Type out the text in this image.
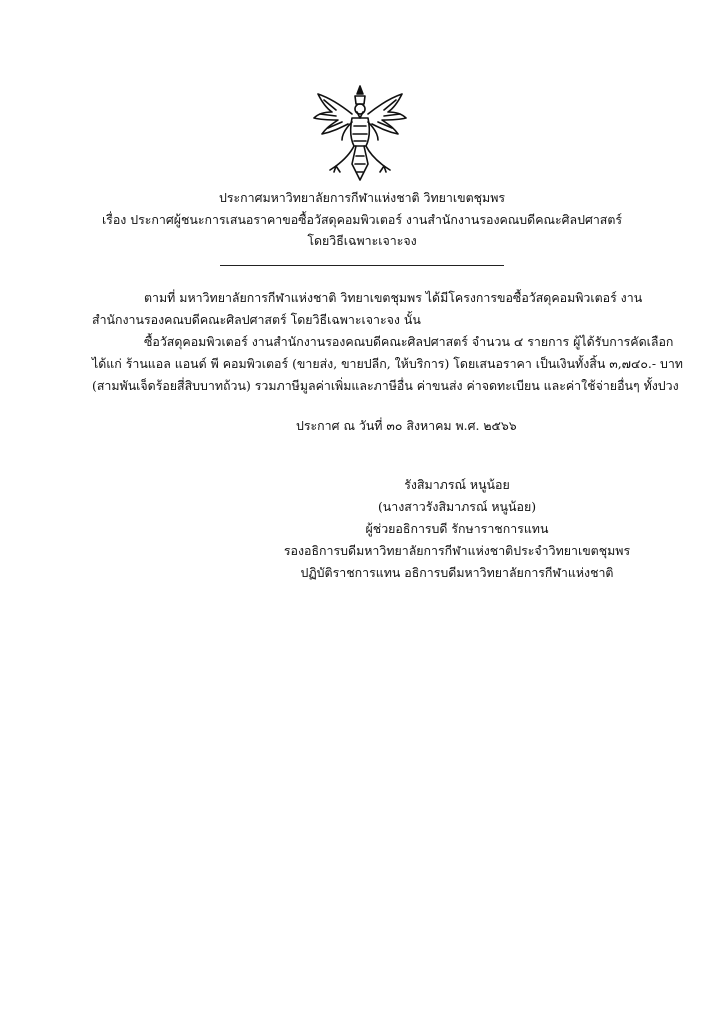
ประกาศมหาวิทยาลัยการกีฬาแห่งชาติ วิทยาเขตชุมพร
เรื่อง ประกาศผู้ชนะการเสนอราคาขอซื้อวัสดุคอมพิวเตอร์ งานสำนักงานรองคณบดีคณะศิลปศาสตร์
โดยวิธีเฉพาะเจาะจง
ตามที่ มหาวิทยาลัยการกีฬาแห่งชาติ วิทยาเขตชุมพร ได้มีโครงการขอซื้อวัสดุคอมพิวเตอร์ งาน
สำนักงานรองคณบดีคณะศิลปศาสตร์ โดยวิธีเฉพาะเจาะจง นั้น
ซื้อวัสดุคอมพิวเตอร์ งานสำนักงานรองคณบดีคณะศิลปศาสตร์ จำนวน ๔ รายการ ผู้ได้รับการคัดเลือก
ได้แก่ ร้านแอล แอนด์ พี คอมพิวเตอร์ (ขายส่ง, ขายปลีก, ให้บริการ) โดยเสนอราคา เป็นเงินทั้งสิ้น ๓,๗๔๐.- บาท
(สามพันเจ็ดร้อยสี่สิบบาทถ้วน) รวมภาษีมูลค่าเพิ่มและภาษีอื่น ค่าขนส่ง ค่าจดทะเบียน และค่าใช้จ่ายอื่นๆ ทั้งปวง
ประกาศ ณ วันที่ ๓๐ สิงหาคม พ.ศ. ๒๕๖๖
รังสิมาภรณ์ หนูน้อย
(นางสาวรังสิมาภรณ์ หนูน้อย)
ผู้ช่วยอธิการบดี รักษาราชการแทน
รองอธิการบดีมหาวิทยาลัยการกีฬาแห่งชาติประจำวิทยาเขตชุมพร
ปฏิบัติราชการแทน อธิการบดีมหาวิทยาลัยการกีฬาแห่งชาติ
